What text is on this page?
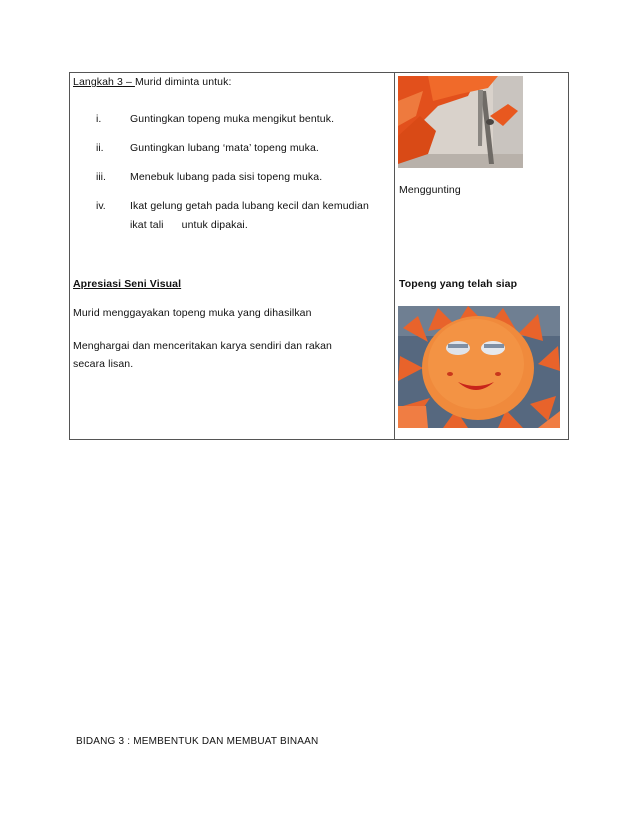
Langkah 3 – Murid diminta untuk:
i.	Guntingkan topeng muka mengikut bentuk.
ii.	Guntingkan lubang ‘mata’ topeng muka.
iii. Menebuk lubang pada sisi topeng muka.
iv. Ikat gelung getah pada lubang kecil dan kemudian
ikat tali      untuk dipakai.
Apresiasi Seni Visual
Murid menggayakan topeng muka yang dihasilkan
Menghargai dan menceritakan karya sendiri dan rakan
secara lisan.
Menggunting
Topeng yang telah siap
BIDANG 3 : MEMBENTUK DAN MEMBUAT BINAAN
